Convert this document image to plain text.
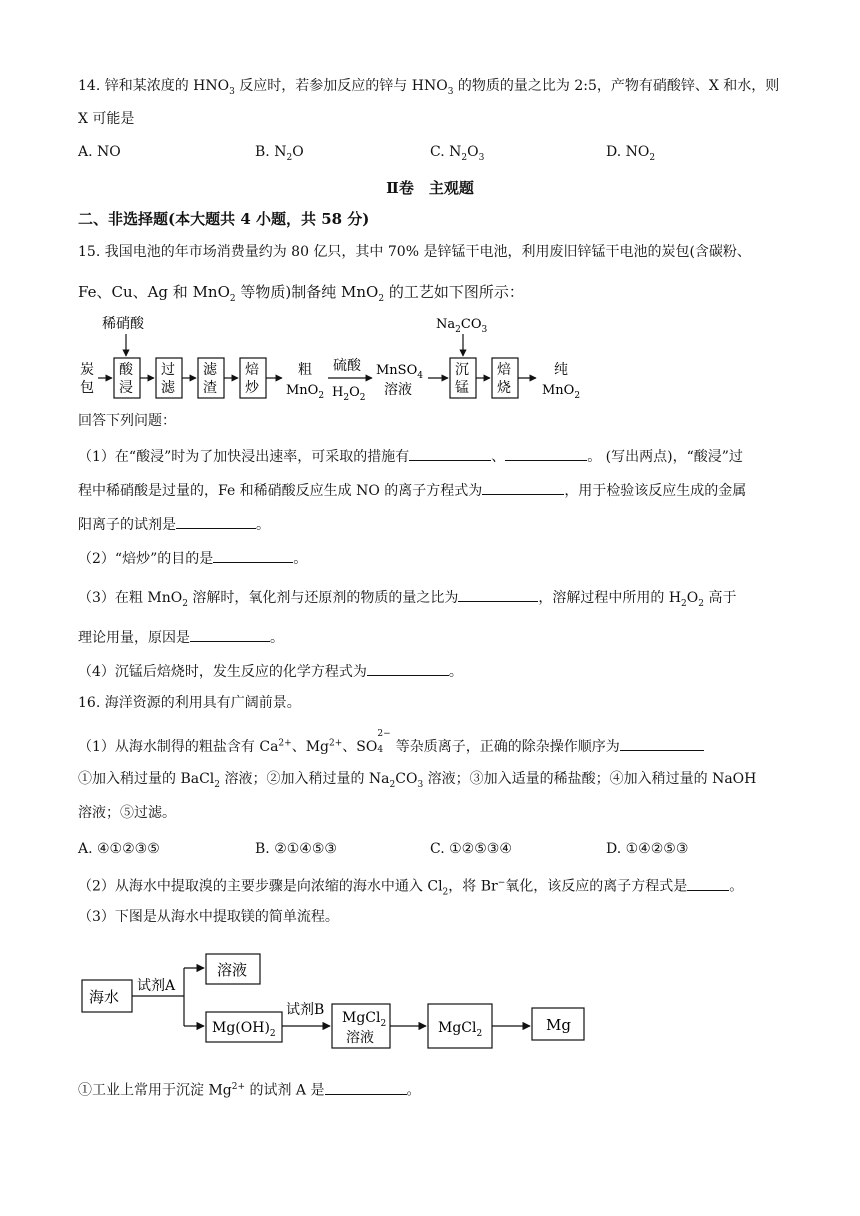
14. 锌和某浓度的 $HNO_3$ 反应时，若参加反应的锌与 $HNO_3$ 的物质的量之比为 2:5，产物有硝酸锌、X 和水，则
X 可能是
A. NO	B. $N_2O$	C. $N_2O_3$	D. $NO_2$
Ⅱ卷　主观题
二、非选择题(本大题共 4 小题，共 58 分)
15. 我国电池的年市场消费量约为 80 亿只，其中 70% 是锌锰干电池，利用废旧锌锰干电池的炭包(含碳粉、
Fe、Cu、Ag 和 MnO$_2$ 等物质)制备纯 MnO$_2$ 的工艺如下图所示：
稀硝酸	$Na_2CO_3$
炭
包
酸
浸
过
滤
滤
渣
焙
炒
粗
MnO$_2$
硫酸
$H_2O_2$
MnSO$_4$
溶液
沉
锰
焙
烧
纯
MnO$_2$
回答下列问题：
（1）在“酸浸”时为了加快浸出速率，可采取的措施有	、	。 (写出两点)，“酸浸”过
程中稀硝酸是过量的，Fe 和稀硝酸反应生成 NO 的离子方程式为	，用于检验该反应生成的金属
阳离子的试剂是	。
（2）“焙炒”的目的是	。
（3）在粗 MnO$_2$ 溶解时，氧化剂与还原剂的物质的量之比为	，溶解过程中所用的 $H_2O_2$ 高于
理论用量，原因是	。
（4）沉锰后焙烧时，发生反应的化学方程式为	。
16. 海洋资源的利用具有广阔前景。
（1）从海水制得的粗盐含有 $Ca^{2+}$、$Mg^{2+}$、SO
2−
4 等杂质离子，正确的除杂操作顺序为
①加入稍过量的 BaCl$_2$ 溶液；②加入稍过量的 $Na_2CO_3$ 溶液；③加入适量的稀盐酸；④加入稍过量的 NaOH
溶液；⑤过滤。
A. ④①②③⑤	B. ②①④⑤③	C. ①②⑤③④	D. ①④②⑤③
（2）从海水中提取溴的主要步骤是向浓缩的海水中通入 $Cl_2$，将 Br−氧化，该反应的离子方程式是	。
（3）下图是从海水中提取镁的简单流程。
海水
试剂A
溶液
$Mg(OH)_2$
试剂B MgCl$_2$
溶液
MgCl$_2$	Mg
①工业上常用于沉淀 $Mg^{2+}$ 的试剂 A 是	。
